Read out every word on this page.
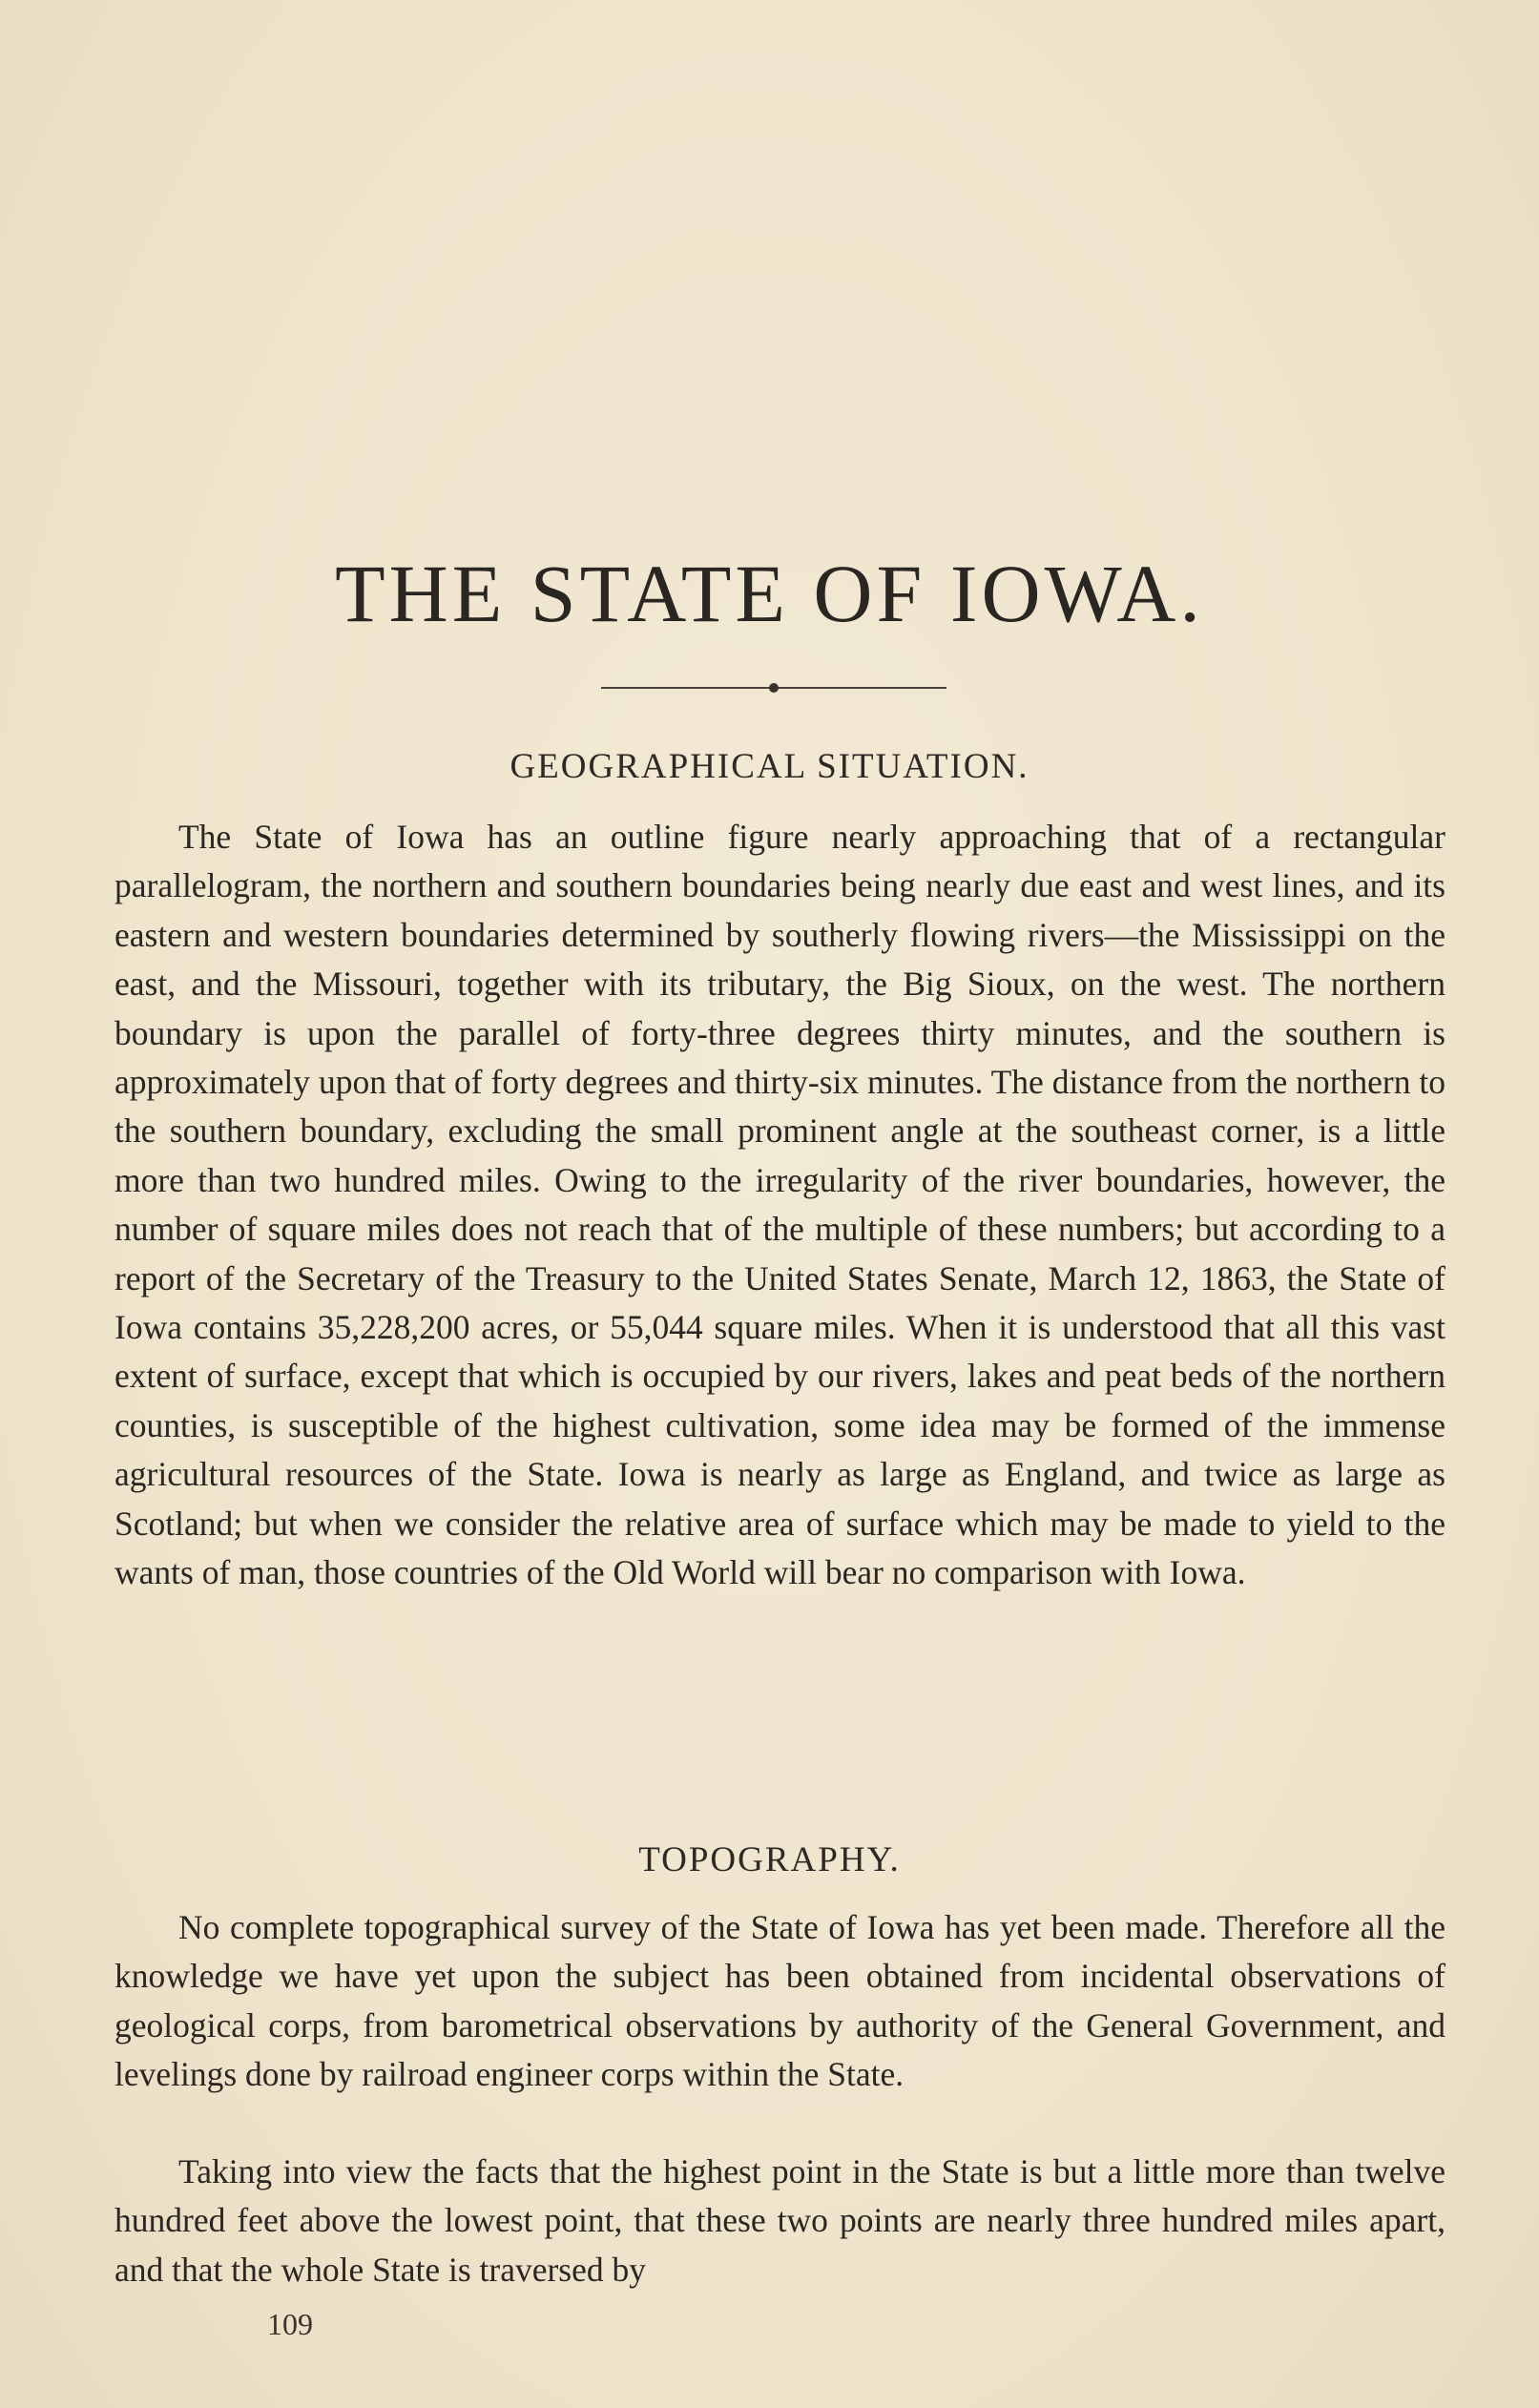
THE STATE OF IOWA.
GEOGRAPHICAL SITUATION.

The State of Iowa has an outline figure nearly approaching that of a rectangular parallelogram, the northern and southern boundaries being nearly due east and west lines, and its eastern and western boundaries determined by southerly flowing rivers—the Mississippi on the east, and the Missouri, together with its tributary, the Big Sioux, on the west. The northern boundary is upon the parallel of forty-three degrees thirty minutes, and the southern is approximately upon that of forty degrees and thirty-six minutes. The distance from the northern to the southern boundary, excluding the small prominent angle at the southeast corner, is a little more than two hundred miles. Owing to the irregularity of the river boundaries, however, the number of square miles does not reach that of the multiple of these numbers; but according to a report of the Secretary of the Treasury to the United States Senate, March 12, 1863, the State of Iowa contains 35,228,200 acres, or 55,044 square miles. When it is understood that all this vast extent of surface, except that which is occupied by our rivers, lakes and peat beds of the northern counties, is susceptible of the highest cultivation, some idea may be formed of the immense agricultural resources of the State. Iowa is nearly as large as England, and twice as large as Scotland; but when we consider the relative area of surface which may be made to yield to the wants of man, those countries of the Old World will bear no comparison with Iowa.

TOPOGRAPHY.

No complete topographical survey of the State of Iowa has yet been made. Therefore all the knowledge we have yet upon the subject has been obtained from incidental observations of geological corps, from barometrical observations by authority of the General Government, and levelings done by railroad engineer corps within the State.

Taking into view the facts that the highest point in the State is but a little more than twelve hundred feet above the lowest point, that these two points are nearly three hundred miles apart, and that the whole State is traversed by

109
